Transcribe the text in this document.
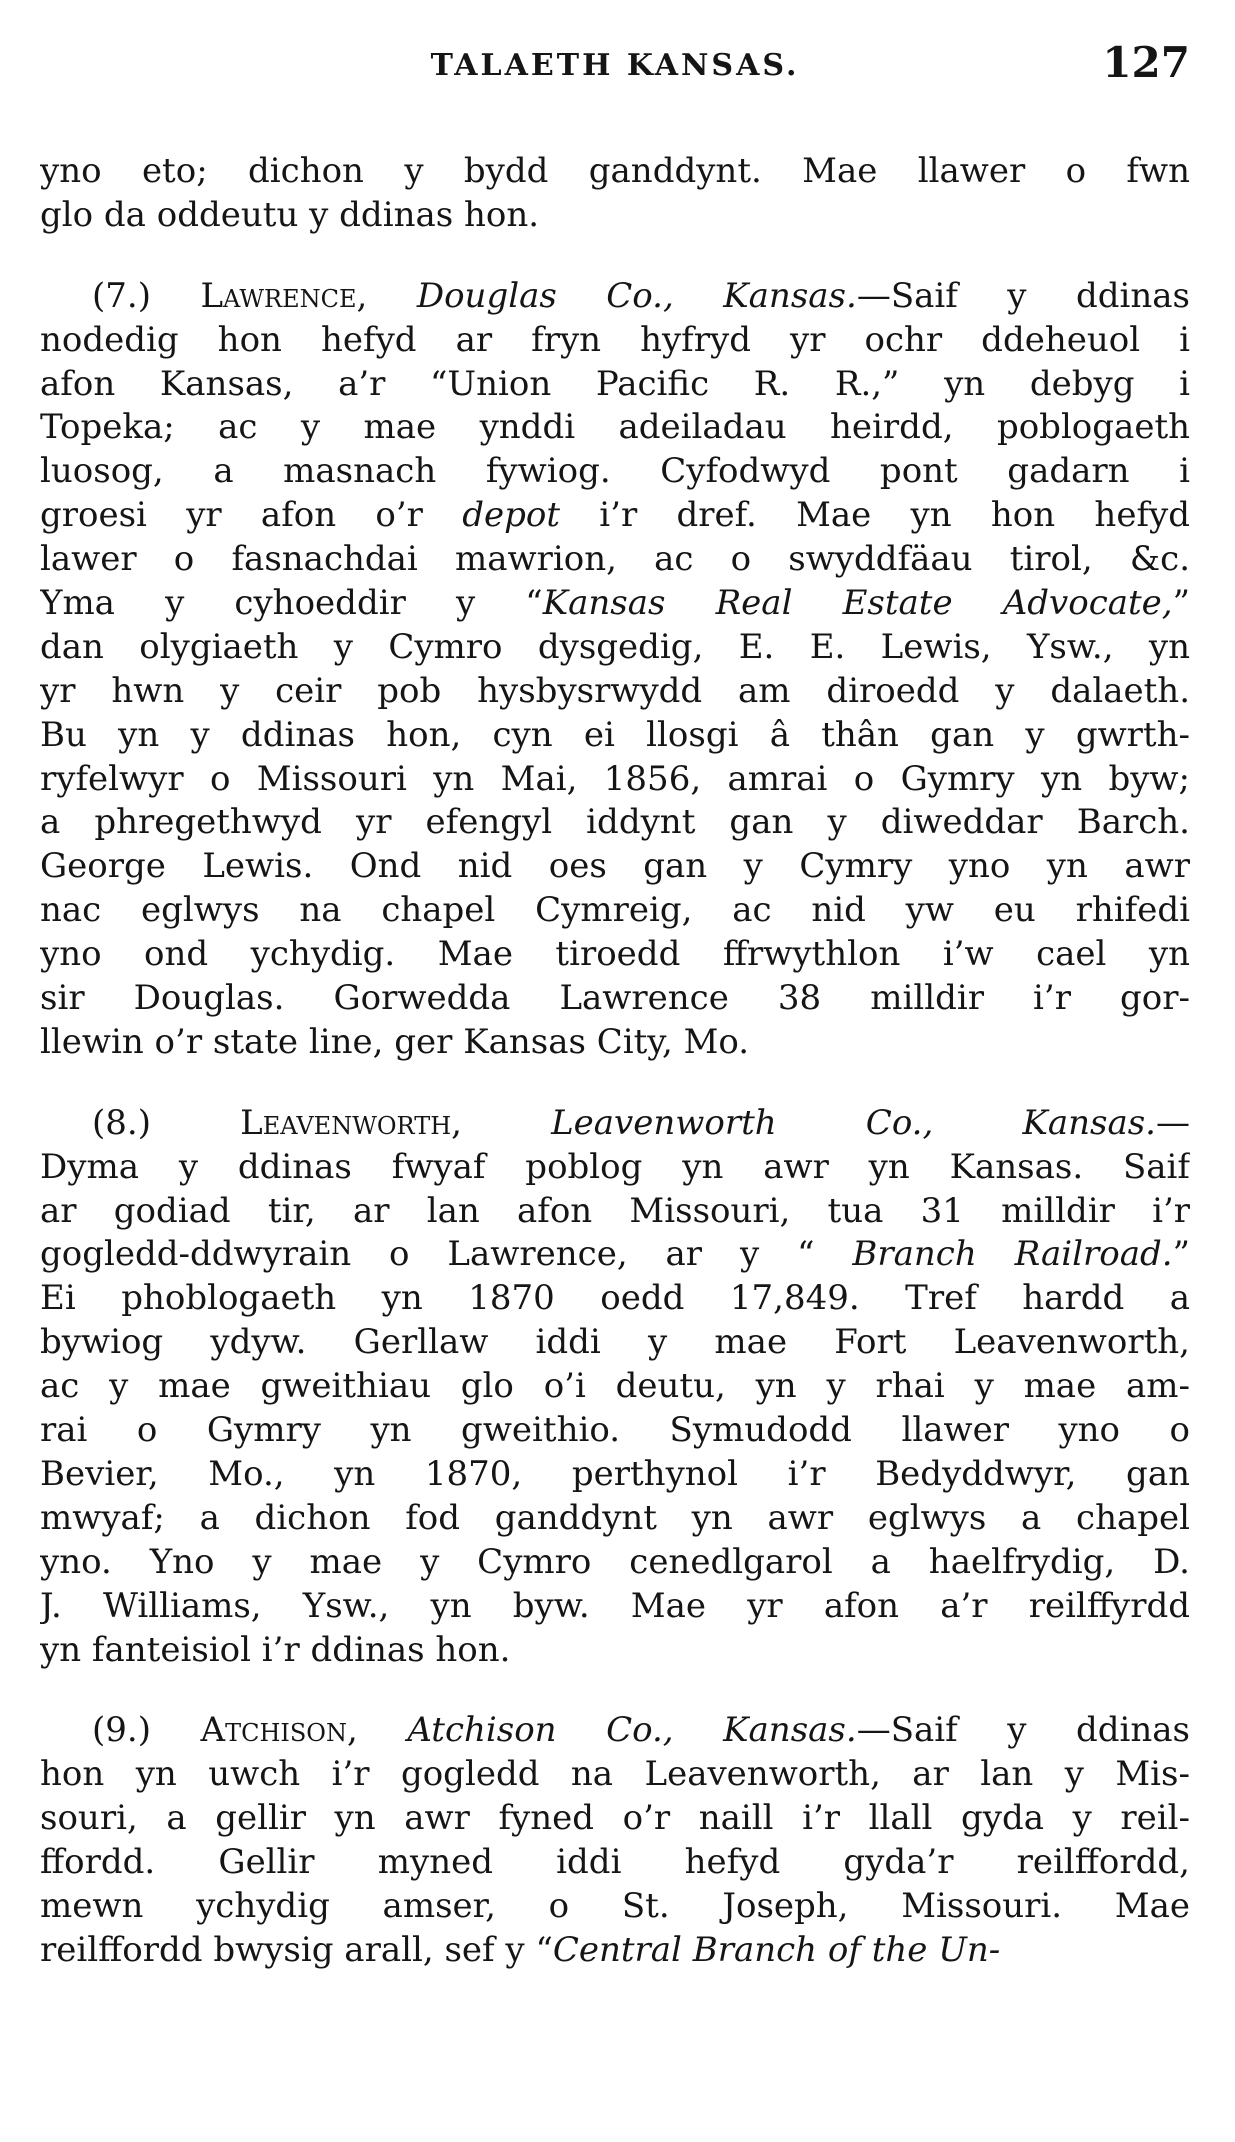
TALAETH KANSAS.	127
yno eto; dichon y bydd ganddynt. Mae llawer o fwn
glo da oddeutu y ddinas hon.
(7.) Lawrence, Douglas Co., Kansas.—Saif y ddinas
nodedig hon hefyd ar fryn hyfryd yr ochr ddeheuol i
afon Kansas, a’r “Union Pacific R. R.,” yn debyg i
Topeka; ac y mae ynddi adeiladau heirdd, poblogaeth
luosog, a masnach fywiog. Cyfodwyd pont gadarn i
groesi yr afon o’r depot i’r dref. Mae yn hon hefyd
lawer o fasnachdai mawrion, ac o swyddfäau tirol, &c.
Yma y cyhoeddir y “Kansas Real Estate Advocate,”
dan olygiaeth y Cymro dysgedig, E. E. Lewis, Ysw., yn
yr hwn y ceir pob hysbysrwydd am diroedd y dalaeth.
Bu yn y ddinas hon, cyn ei llosgi â thân gan y gwrth-
ryfelwyr o Missouri yn Mai, 1856, amrai o Gymry yn byw;
a phregethwyd yr efengyl iddynt gan y diweddar Barch.
George Lewis. Ond nid oes gan y Cymry yno yn awr
nac eglwys na chapel Cymreig, ac nid yw eu rhifedi
yno ond ychydig. Mae tiroedd ffrwythlon i’w cael yn
sir Douglas. Gorwedda Lawrence 38 milldir i’r gor-
llewin o’r state line, ger Kansas City, Mo.
(8.) Leavenworth,	Leavenworth Co., Kansas.—
Dyma y ddinas fwyaf poblog yn awr yn Kansas. Saif
ar godiad tir, ar lan afon Missouri, tua 31 milldir i’r
gogledd-ddwyrain o Lawrence, ar y “ Branch Railroad.”
Ei phoblogaeth yn 1870 oedd 17,849. Tref hardd a
bywiog ydyw. Gerllaw iddi y mae Fort Leavenworth,
ac y mae gweithiau glo o’i deutu, yn y rhai y mae am-
rai o Gymry yn gweithio. Symudodd llawer yno o
Bevier, Mo., yn 1870, perthynol i’r Bedyddwyr, gan
mwyaf; a dichon fod ganddynt yn awr eglwys a chapel
yno. Yno y mae y Cymro cenedlgarol a haelfrydig, D.
J. Williams, Ysw., yn byw. Mae yr afon a’r reilffyrdd
yn fanteisiol i’r ddinas hon.
(9.) Atchison, Atchison Co., Kansas.—Saif y ddinas
hon yn uwch i’r gogledd na Leavenworth, ar lan y Mis-
souri, a gellir yn awr fyned o’r naill i’r llall gyda y reil-
ffordd. Gellir myned iddi hefyd gyda’r reilffordd,
mewn ychydig amser, o St. Joseph, Missouri. Mae
reilffordd bwysig arall, sef y “Central Branch of the Un-
